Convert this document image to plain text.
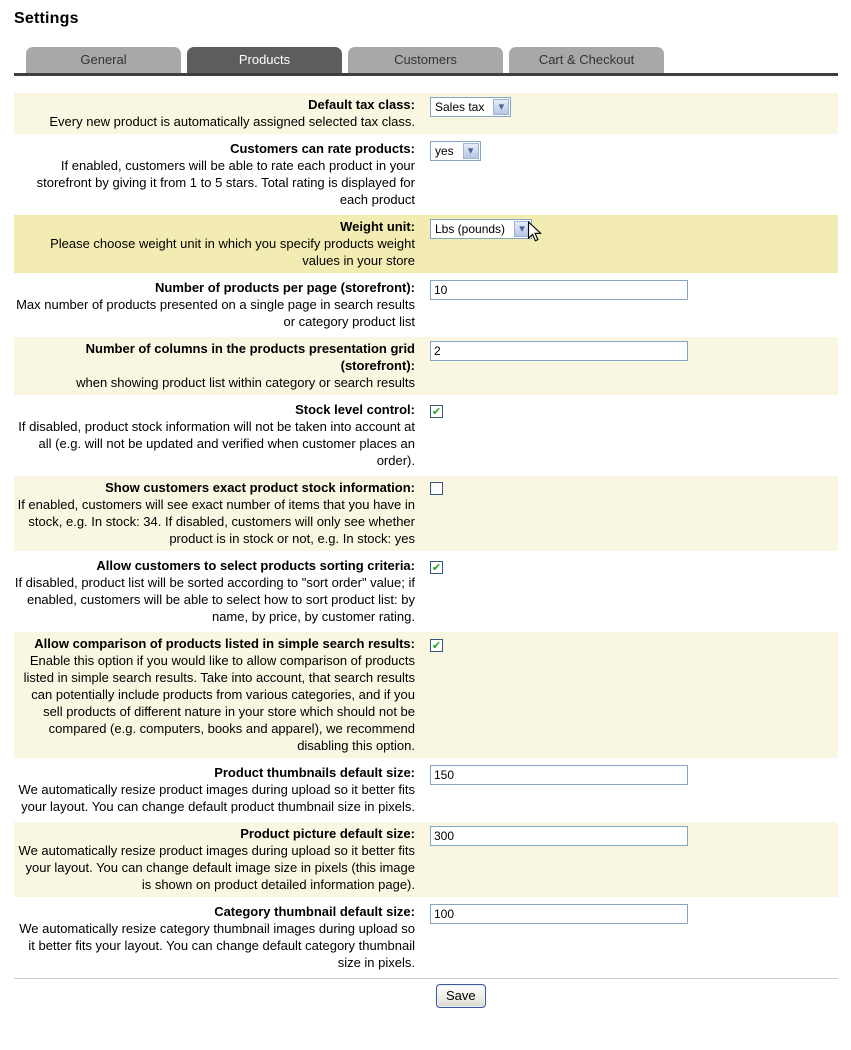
Settings
General	Products	Customers	Cart & Checkout
Default tax class:
Every new product is automatically assigned selected tax class.
Sales tax
▾
Customers can rate products:
If enabled, customers will be able to rate each product in your storefront by giving it from 1 to 5 stars. Total rating is displayed for each product
yes
▾
Weight unit:
Please choose weight unit in which you specify products weight values in your store
Lbs (pounds)
▾
Number of products per page (storefront):
Max number of products presented on a single page in search results or category product list
10
Number of columns in the products presentation grid (storefront):
when showing product list within category or search results
2
Stock level control:
If disabled, product stock information will not be taken into account at all (e.g. will not be updated and verified when customer places an order).
✔
Show customers exact product stock information:
If enabled, customers will see exact number of items that you have in stock, e.g. In stock: 34. If disabled, customers will only see whether product is in stock or not, e.g. In stock: yes
Allow customers to select products sorting criteria:
If disabled, product list will be sorted according to "sort order" value; if enabled, customers will be able to select how to sort product list: by name, by price, by customer rating.
✔
Allow comparison of products listed in simple search results:
Enable this option if you would like to allow comparison of products listed in simple search results. Take into account, that search results can potentially include products from various categories, and if you sell products of different nature in your store which should not be compared (e.g. computers, books and apparel), we recommend disabling this option.
✔
Product thumbnails default size:
We automatically resize product images during upload so it better fits your layout. You can change default product thumbnail size in pixels.
150
Product picture default size:
We automatically resize product images during upload so it better fits your layout. You can change default image size in pixels (this image is shown on product detailed information page).
300
Category thumbnail default size:
We automatically resize category thumbnail images during upload so it better fits your layout. You can change default category thumbnail size in pixels.
100
Save
